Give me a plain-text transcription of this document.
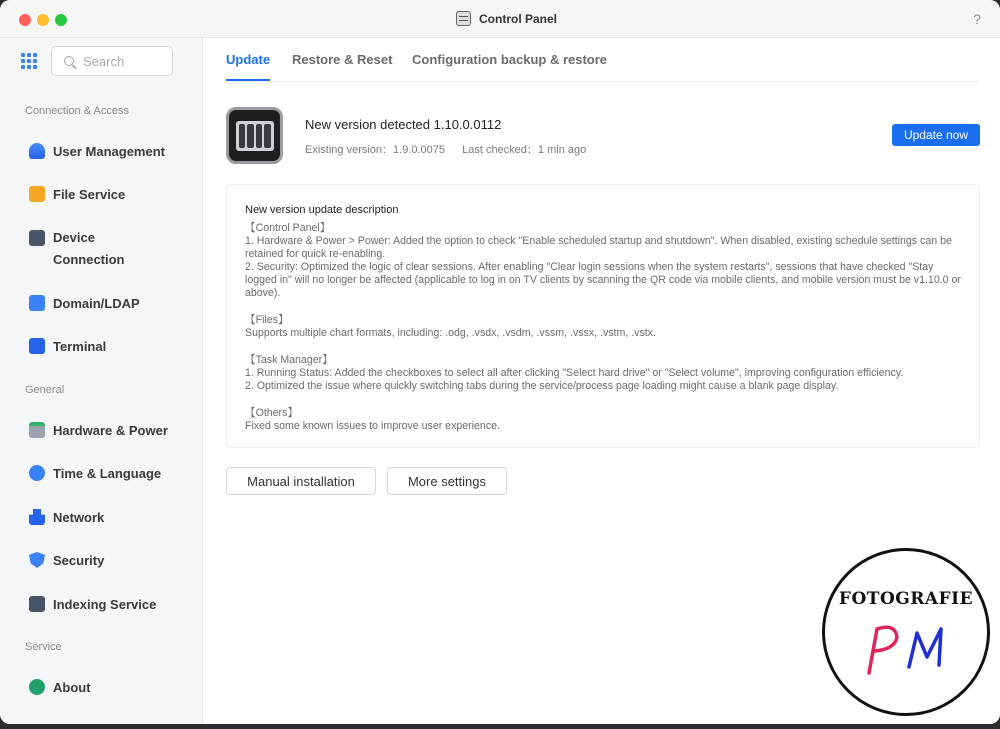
Control Panel	?
Search
Connection & Access
User Management
File Service
Device
Connection
Domain/LDAP
Terminal
General
Hardware & Power
Time & Language
Network
Security
Indexing Service
Service
About
Update Restore & Reset Configuration backup & restore
New version detected 1.10.0.0112
Existing version：1.9.0.0075 Last checked：1 min ago
Update now
New version update description

【Control Panel】

1. Hardware & Power > Power: Added the option to check "Enable scheduled startup and shutdown". When disabled, existing schedule settings can be retained for quick re-enabling.

2. Security: Optimized the logic of clear sessions. After enabling "Clear login sessions when the system restarts", sessions that have checked "Stay logged in" will no longer be affected (applicable to log in on TV clients by scanning the QR code via mobile clients, and mobile version must be v1.10.0 or above).

【Files】

Supports multiple chart formats, including: .odg, .vsdx, .vsdm, .vssm, .vssx, .vstm, .vstx.

【Task Manager】

1. Running Status: Added the checkboxes to select all after clicking "Select hard drive" or "Select volume", improving configuration efficiency.

2. Optimized the issue where quickly switching tabs during the service/process page loading might cause a blank page display.

【Others】

Fixed some known issues to improve user experience.

Manual installation	More settings
FOTOGRAFIE
